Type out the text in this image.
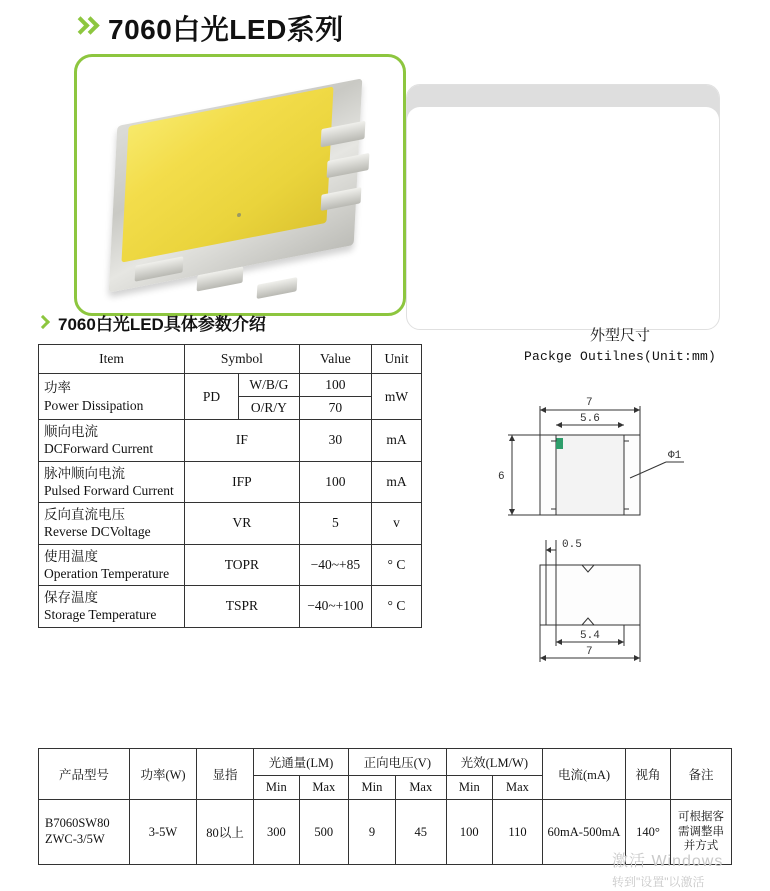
7060白光LED系列
7060白光LED具体参数介绍
Item	Symbol		Value	Unit

功率
Power Dissipation	PD	W/B/G	100	mW
		O/R/Y	70	

顺向电流
DCForward Current	IF		30	mA

脉冲顺向电流
Pulsed Forward Current	IFP		100	mA

反向直流电压
Reverse DCVoltage	VR		5	v

使用温度
Operation Temperature	TOPR		−40~+85	° C

保存温度
Storage Temperature	TSPR		−40~+100	° C
外型尺寸
Packge Outilnes(Unit:mm)
7
5.6
6
Φ1
0.5
5.4
7
产品型号	功率(W)	显指	光通量(LM)		正向电压(V)		光效(LM/W)		电流(mA)	视角	备注
			Min	Max	Min	Max	Min	Max			

B7060SW80
ZWC-3/5W	3-5W	80以上	300	500	9	45	100	110	60mA-500mA	140°	可根据客
需调整串
并方式
激活 Windows
转到"设置"以激活
